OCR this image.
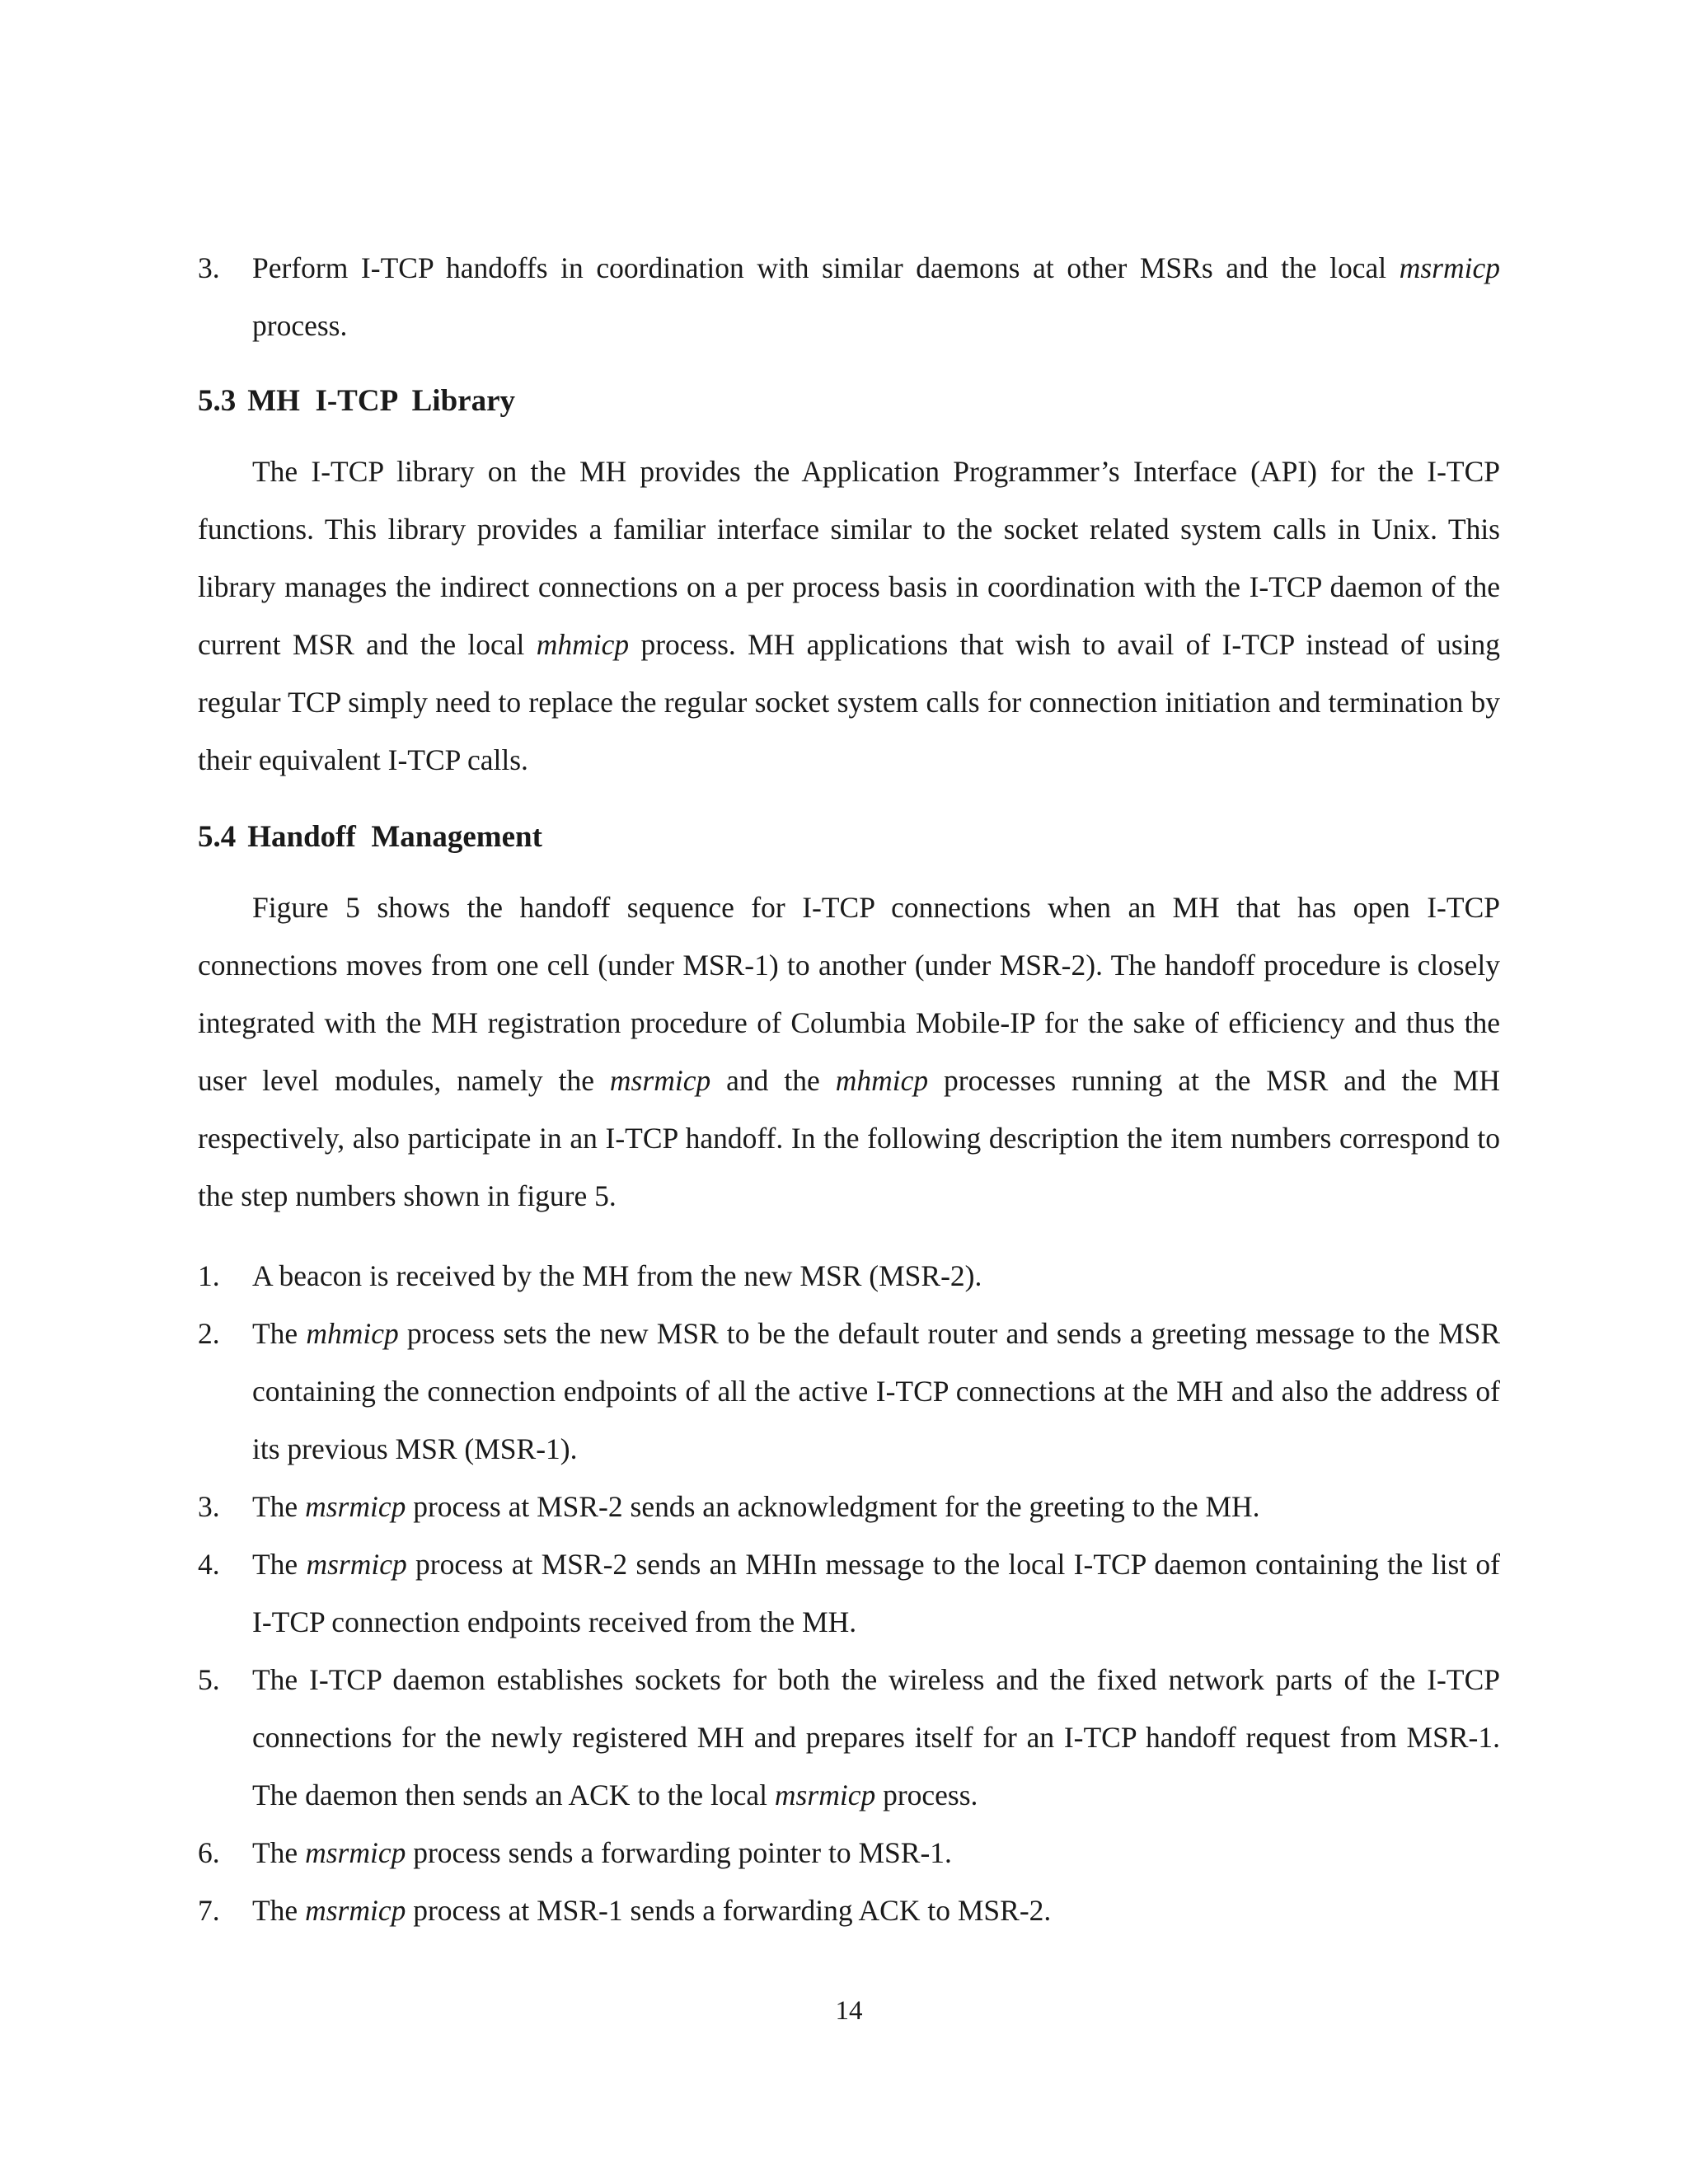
3.	Perform I-TCP handoffs in coordination with similar daemons at other MSRs and the local msrmicp process.
5.3 MH  I-TCP  Library
The I-TCP library on the MH provides the Application Programmer’s Interface (API) for the I-TCP functions. This library provides a familiar interface similar to the socket related system calls in Unix. This library manages the indirect connections on a per process basis in coordination with the I-TCP daemon of the current MSR and the local mhmicp process. MH applications that wish to avail of I-TCP instead of using regular TCP simply need to replace the regular socket system calls for connection initiation and termination by their equivalent I-TCP calls.
5.4 Handoff  Management
Figure 5 shows the handoff sequence for I-TCP connections when an MH that has open I-TCP connections moves from one cell (under MSR-1) to another (under MSR-2). The handoff procedure is closely integrated with the MH registration procedure of Columbia Mobile-IP for the sake of efficiency and thus the user level modules, namely the msrmicp and the mhmicp processes running at the MSR and the MH respectively, also participate in an I-TCP handoff. In the following description the item numbers correspond to the step numbers shown in figure 5.
1.	A beacon is received by the MH from the new MSR (MSR-2).
2.	The mhmicp process sets the new MSR to be the default router and sends a greeting message to the MSR containing the connection endpoints of all the active I-TCP connections at the MH and also the address of its previous MSR (MSR-1).
3.	The msrmicp process at MSR-2 sends an acknowledgment for the greeting to the MH.
4.	The msrmicp process at MSR-2 sends an MHIn message to the local I-TCP daemon containing the list of I-TCP connection endpoints received from the MH.
5.	The I-TCP daemon establishes sockets for both the wireless and the fixed network parts of the I-TCP connections for the newly registered MH and prepares itself for an I-TCP handoff request from MSR-1. The daemon then sends an ACK to the local msrmicp process.
6.	The msrmicp process sends a forwarding pointer to MSR-1.
7.	The msrmicp process at MSR-1 sends a forwarding ACK to MSR-2.
14
